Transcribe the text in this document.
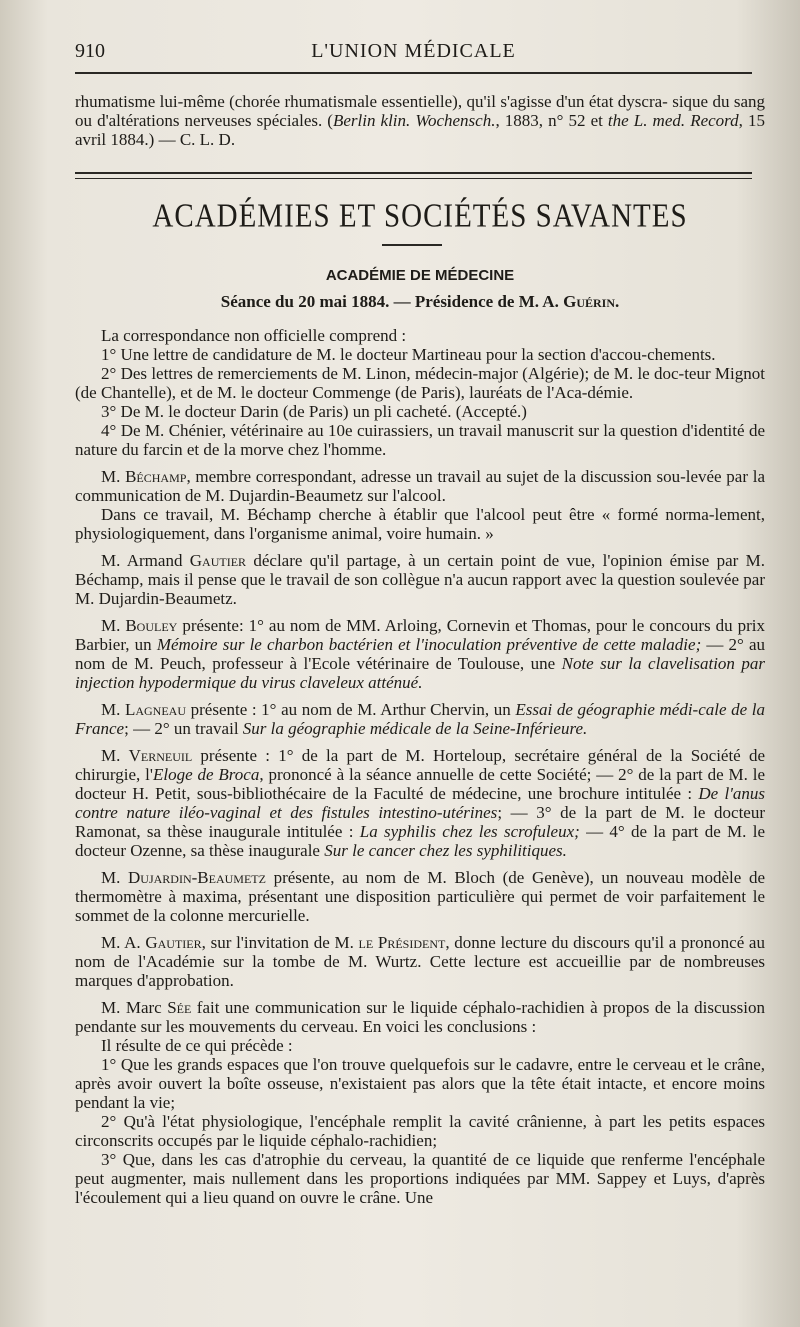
910	L'UNION MÉDICALE

rhumatisme lui-même (chorée rhumatismale essentielle), qu'il s'agisse d'un état dyscra- sique du sang ou d'altérations nerveuses spéciales. (Berlin klin. Wochensch., 1883, n° 52 et the L. med. Record, 15 avril 1884.) — C. L. D.

ACADÉMIES ET SOCIÉTÉS SAVANTES
ACADÉMIE DE MÉDECINE
Séance du 20 mai 1884. — Présidence de M. A. Guérin.

La correspondance non officielle comprend :

1° Une lettre de candidature de M. le docteur Martineau pour la section d'accou-chements.

2° Des lettres de remerciements de M. Linon, médecin-major (Algérie); de M. le doc-teur Mignot (de Chantelle), et de M. le docteur Commenge (de Paris), lauréats de l'Aca-démie.

3° De M. le docteur Darin (de Paris) un pli cacheté. (Accepté.)

4° De M. Chénier, vétérinaire au 10e cuirassiers, un travail manuscrit sur la question d'identité de nature du farcin et de la morve chez l'homme.

M. Béchamp, membre correspondant, adresse un travail au sujet de la discussion sou-levée par la communication de M. Dujardin-Beaumetz sur l'alcool.

Dans ce travail, M. Béchamp cherche à établir que l'alcool peut être « formé norma-lement, physiologiquement, dans l'organisme animal, voire humain. »

M. Armand Gautier déclare qu'il partage, à un certain point de vue, l'opinion émise par M. Béchamp, mais il pense que le travail de son collègue n'a aucun rapport avec la question soulevée par M. Dujardin-Beaumetz.

M. Bouley présente: 1° au nom de MM. Arloing, Cornevin et Thomas, pour le concours du prix Barbier, un Mémoire sur le charbon bactérien et l'inoculation préventive de cette maladie; — 2° au nom de M. Peuch, professeur à l'Ecole vétérinaire de Toulouse, une Note sur la clavelisation par injection hypodermique du virus claveleux atténué.

M. Lagneau présente : 1° au nom de M. Arthur Chervin, un Essai de géographie médi-cale de la France; — 2° un travail Sur la géographie médicale de la Seine-Inférieure.

M. Verneuil présente : 1° de la part de M. Horteloup, secrétaire général de la Société de chirurgie, l'Eloge de Broca, prononcé à la séance annuelle de cette Société; — 2° de la part de M. le docteur H. Petit, sous-bibliothécaire de la Faculté de médecine, une brochure intitulée : De l'anus contre nature iléo-vaginal et des fistules intestino-utérines; — 3° de la part de M. le docteur Ramonat, sa thèse inaugurale intitulée : La syphilis chez les scrofuleux; — 4° de la part de M. le docteur Ozenne, sa thèse inaugurale Sur le cancer chez les syphilitiques.

M. Dujardin-Beaumetz présente, au nom de M. Bloch (de Genève), un nouveau modèle de thermomètre à maxima, présentant une disposition particulière qui permet de voir parfaitement le sommet de la colonne mercurielle.

M. A. Gautier, sur l'invitation de M. le Président, donne lecture du discours qu'il a prononcé au nom de l'Académie sur la tombe de M. Wurtz. Cette lecture est accueillie par de nombreuses marques d'approbation.

M. Marc Sée fait une communication sur le liquide céphalo-rachidien à propos de la discussion pendante sur les mouvements du cerveau. En voici les conclusions :

Il résulte de ce qui précède :

1° Que les grands espaces que l'on trouve quelquefois sur le cadavre, entre le cerveau et le crâne, après avoir ouvert la boîte osseuse, n'existaient pas alors que la tête était intacte, et encore moins pendant la vie;

2° Qu'à l'état physiologique, l'encéphale remplit la cavité crânienne, à part les petits espaces circonscrits occupés par le liquide céphalo-rachidien;

3° Que, dans les cas d'atrophie du cerveau, la quantité de ce liquide que renferme l'encéphale peut augmenter, mais nullement dans les proportions indiquées par MM. Sappey et Luys, d'après l'écoulement qui a lieu quand on ouvre le crâne. Une
